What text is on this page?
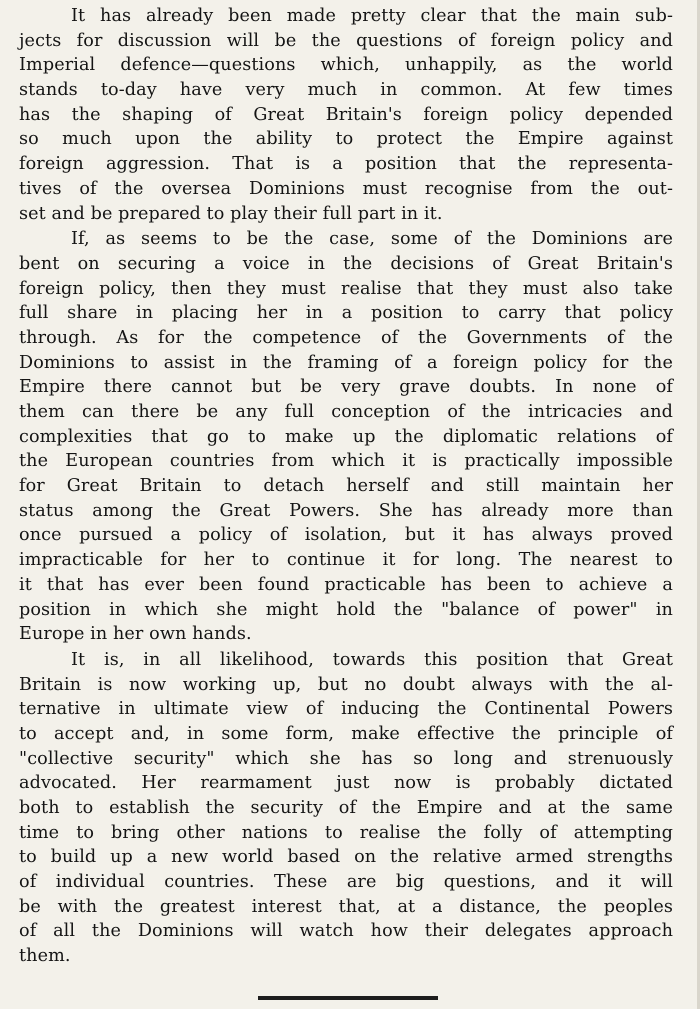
It has already been made pretty clear that the main sub-
jects for discussion will be the questions of foreign policy and
Imperial defence—questions which, unhappily, as the world
stands to-day have very much in common. At few times
has the shaping of Great Britain's foreign policy depended
so much upon the ability to protect the Empire against
foreign aggression. That is a position that the representa-
tives of the oversea Dominions must recognise from the out-
set and be prepared to play their full part in it.
If, as seems to be the case, some of the Dominions are
bent on securing a voice in the decisions of Great Britain's
foreign policy, then they must realise that they must also take
full share in placing her in a position to carry that policy
through. As for the competence of the Governments of the
Dominions to assist in the framing of a foreign policy for the
Empire there cannot but be very grave doubts. In none of
them can there be any full conception of the intricacies and
complexities that go to make up the diplomatic relations of
the European countries from which it is practically impossible
for Great Britain to detach herself and still maintain her
status among the Great Powers. She has already more than
once pursued a policy of isolation, but it has always proved
impracticable for her to continue it for long. The nearest to
it that has ever been found practicable has been to achieve a
position in which she might hold the "balance of power" in
Europe in her own hands.
It is, in all likelihood, towards this position that Great
Britain is now working up, but no doubt always with the al-
ternative in ultimate view of inducing the Continental Powers
to accept and, in some form, make effective the principle of
"collective security" which she has so long and strenuously
advocated. Her rearmament just now is probably dictated
both to establish the security of the Empire and at the same
time to bring other nations to realise the folly of attempting
to build up a new world based on the relative armed strengths
of individual countries. These are big questions, and it will
be with the greatest interest that, at a distance, the peoples
of all the Dominions will watch how their delegates approach
them.
